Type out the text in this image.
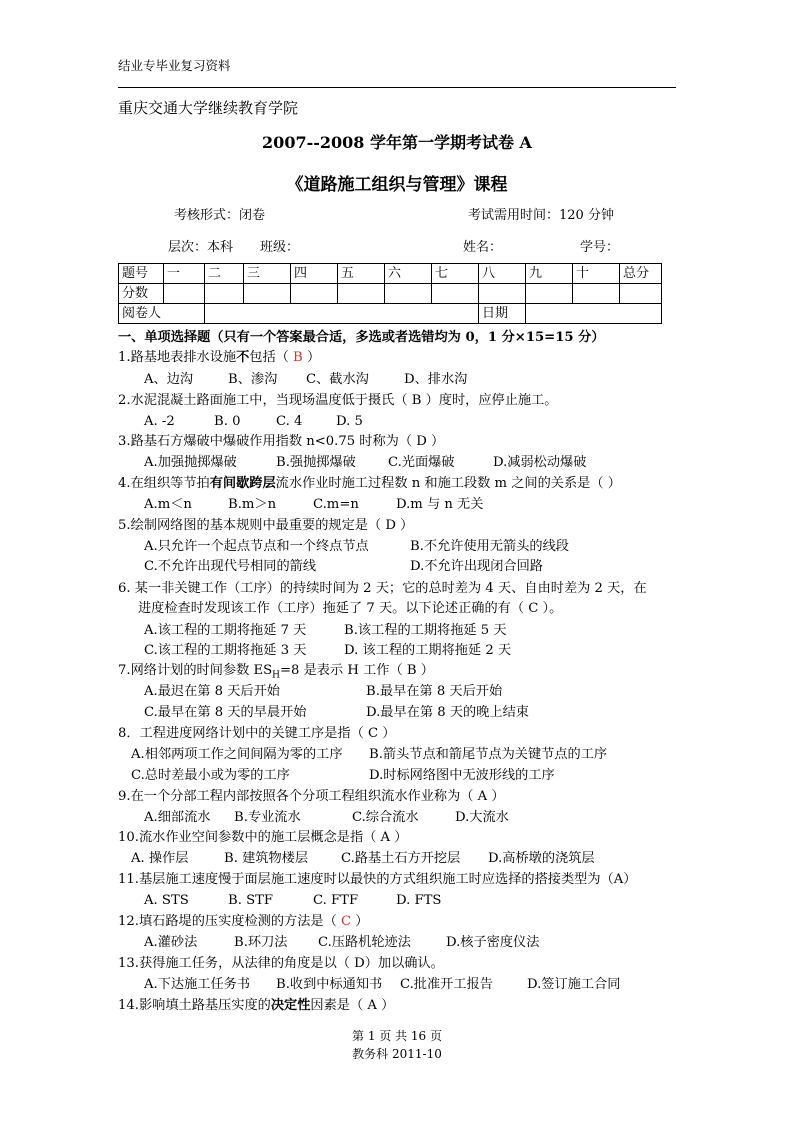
结业专毕业复习资料
重庆交通大学继续教育学院
2007--2008 学年第一学期考试卷 A
《道路施工组织与管理》课程
考核形式：闭卷	考试需用时间：120 分钟
层次：本科 班级：	姓名：	学号：
题号	一	二	三	四	五	六	七	八	九	十	总分
分数											
阅卷人								日期			
一、单项选择题（只有一个答案最合适，多选或者选错均为 0，1 分×15=15 分）
1.路基地表排水设施不包括（ B ）
A、边沟	B、渗沟 C、截水沟	D、排水沟
2.水泥混凝土路面施工中，当现场温度低于摄氏（ B ）度时，应停止施工。
A. -2	B. 0	C. 4	D. 5
3.路基石方爆破中爆破作用指数 n<0.75 时称为（ D ）
A.加强抛掷爆破	B.强抛掷爆破 C.光面爆破	D.减弱松动爆破
4.在组织等节拍有间歇跨层流水作业时施工过程数 n 和施工段数 m 之间的关系是（ ）
A.m＜n	B.m＞n	C.m=n	D.m 与 n 无关
5.绘制网络图的基本规则中最重要的规定是（ D ）
A.只允许一个起点节点和一个终点节点	B.不允许使用无箭头的线段
C.不允许出现代号相同的箭线	D.不允许出现闭合回路
6. 某一非关键工作（工序）的持续时间为 2 天；它的总时差为 4 天、自由时差为 2 天，在
进度检查时发现该工作（工序）拖延了 7 天。以下论述正确的有（ C ）。
A.该工程的工期将拖延 7 天	B.该工程的工期将拖延 5 天
C.该工程的工期将拖延 3 天	D. 该工程的工期将拖延 2 天
7.网络计划的时间参数 $ES_H=8$ 是表示 H 工作（ B ）
A.最迟在第 8 天后开始	B.最早在第 8 天后开始
C.最早在第 8 天的早晨开始	D.最早在第 8 天的晚上结束
8．工程进度网络计划中的关键工序是指（ C ）
A.相邻两项工作之间间隔为零的工序 B.箭头节点和箭尾节点为关键节点的工序
C.总时差最小或为零的工序	D.时标网络图中无波形线的工序
9.在一个分部工程内部按照各个分项工程组织流水作业称为（ A ）
A.细部流水 B.专业流水	C.综合流水	D.大流水
10.流水作业空间参数中的施工层概念是指（ A ）
A. 操作层	B. 建筑物楼层 C.路基土石方开挖层 D.高桥墩的浇筑层
11.基层施工速度慢于面层施工速度时以最快的方式组织施工时应选择的搭接类型为（A）
A. STS	B. STF	C. FTF	D. FTS
12.填石路堤的压实度检测的方法是（ C ）
A.灌砂法	B.环刀法 C.压路机轮迹法	D.核子密度仪法
13.获得施工任务，从法律的角度是以（ D）加以确认。
A.下达施工任务书 B.收到中标通知书 C.批准开工报告	D.签订施工合同
14.影响填土路基压实度的决定性因素是（ A ）
第 1 页 共 16 页
教务科 2011-10
